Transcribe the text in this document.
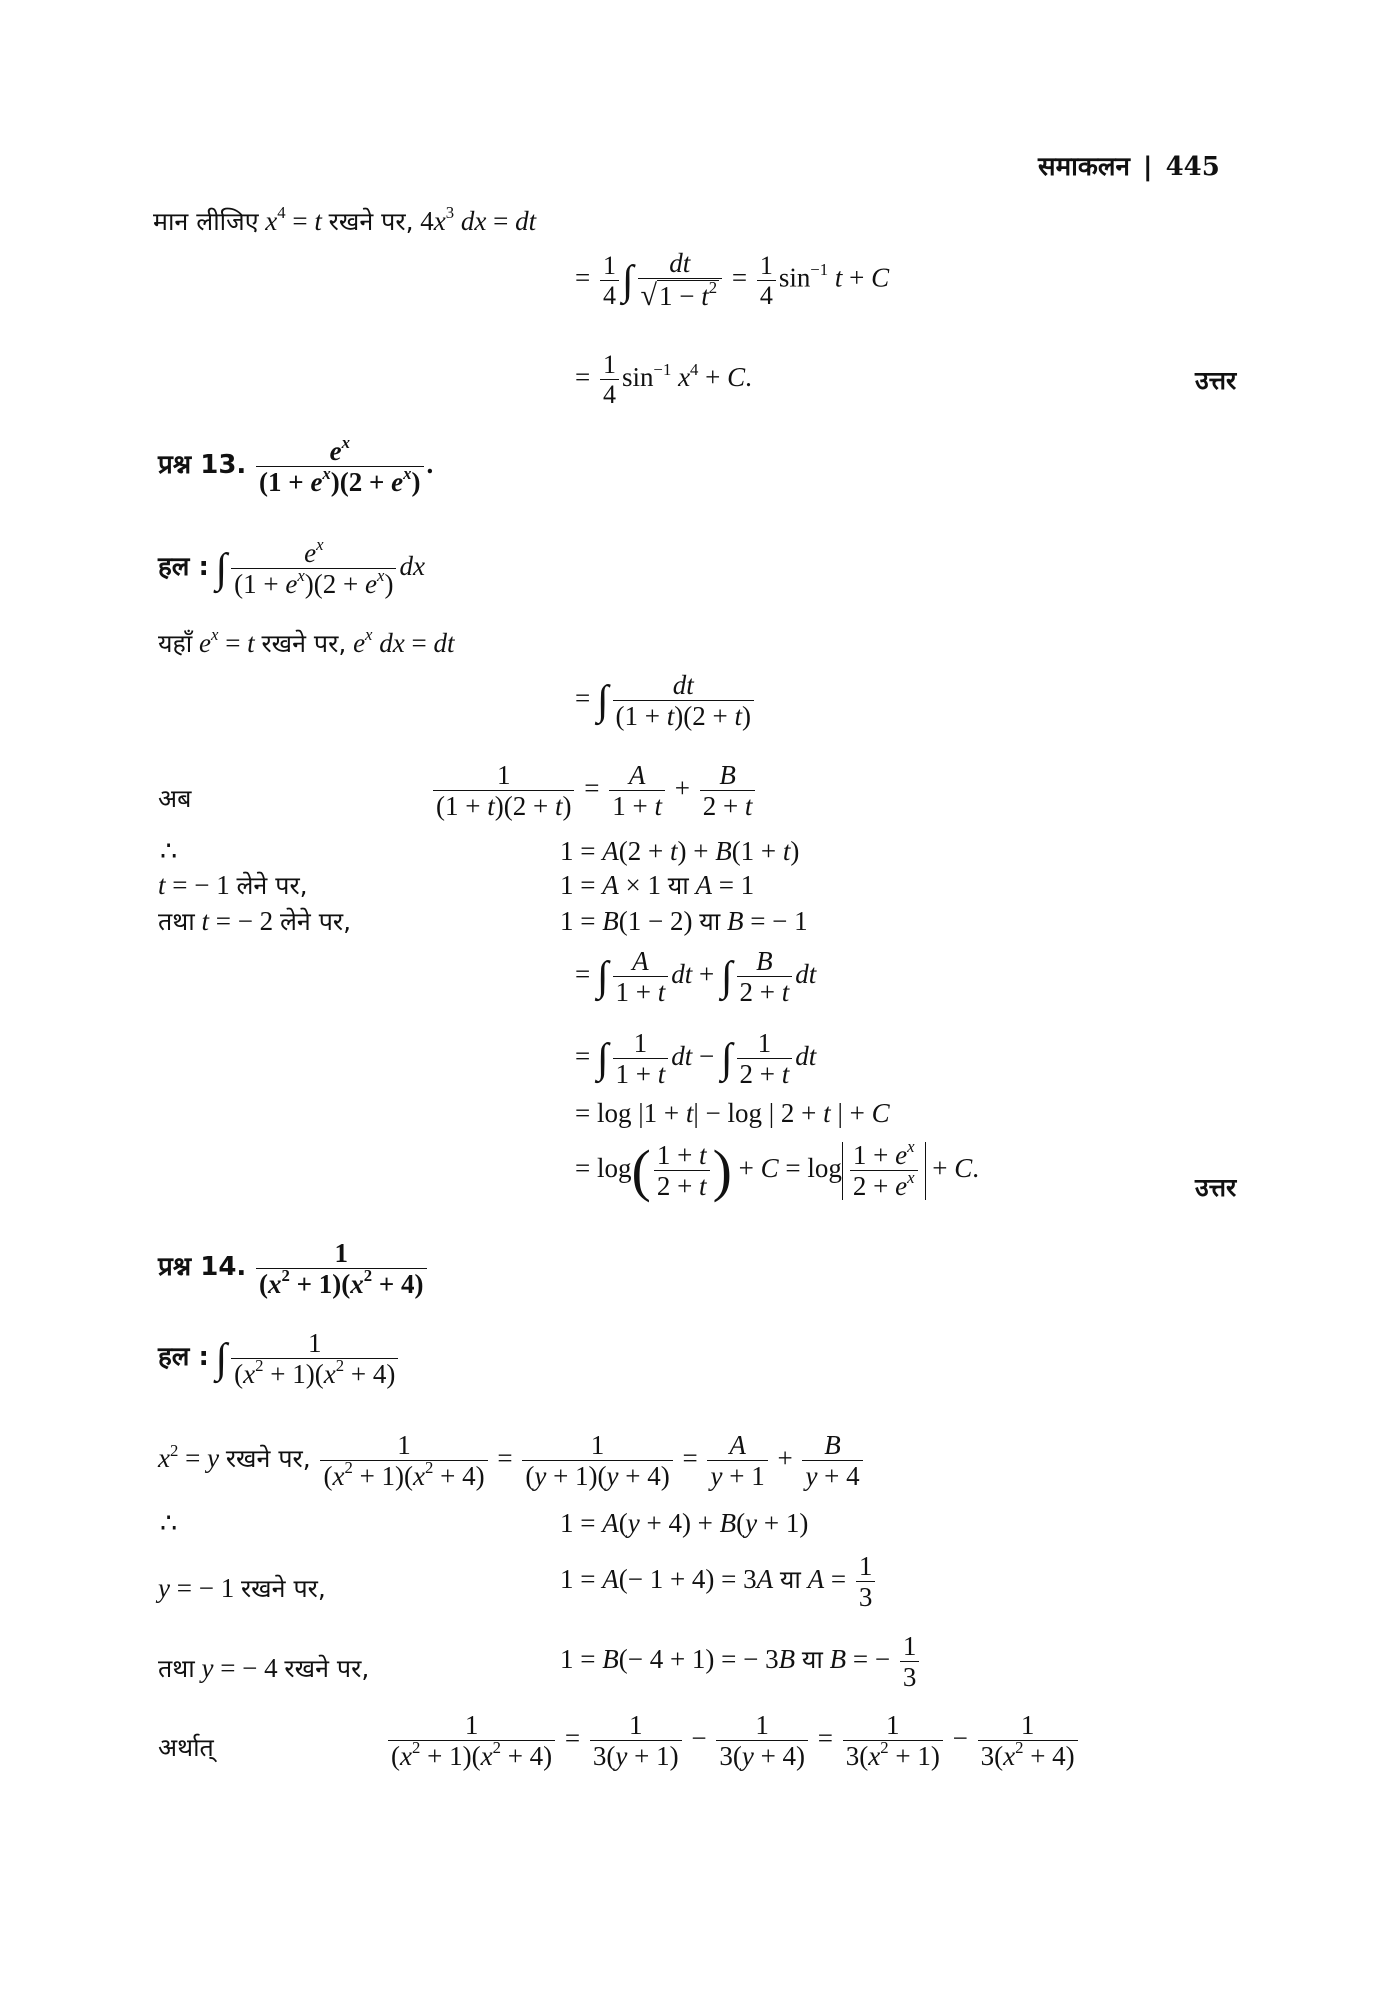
समाकलन | 445
मान लीजिए $x^4 = t$ रखने पर, $4x^3$ dx = dt
= $\frac{1}{4}$ ∫ $\frac{dt}{√1 - t^2} = \frac{1}{4} \sin^{-1} t + C$
= $\frac{1}{4} \sin^{-1} x^4 + C$.	उत्तर
प्रश्न 13. $\frac{e^x}{(1 + e^x)(2 + e^x)}$ .
हल : ∫ $\frac{e^x}{(1 + e^x)(2 + e^x)}$ dx
यहाँ $e^x = t$ रखने पर, $e^x$ dx = dt
= ∫ $\frac{dt}{(1 + t)(2 + t)}$
अब	$\frac{1}{(1 + t)(2 + t)} = \frac{A}{1 + t} + \frac{B}{2 + t}$
∴	1 = A(2 + t) + B(1 + t)
t = − 1 लेने पर,	1 = A × 1 या A = 1
तथा t = − 2 लेने पर,	1 = B(1 − 2) या B = − 1
= ∫ $\frac{A}{1 + t}$ dt + ∫ $\frac{B}{2 + t}$ dt
= ∫ $\frac{1}{1 + t}$ dt − ∫ $\frac{1}{2 + t}$ dt
= log |1 + t| − log | 2 + t | + C
= $\log( \frac{1 + t}{2 + t}$ ) + $C = \log \frac{1 + e^x}{2 + e^x} + C$.
उत्तर
प्रश्न 14. $\frac{1}{(x^2 + 1)(x^2 + 4)}$
हल : ∫ $\frac{1}{(x^2 + 1)(x^2 + 4)}$
$x^2 = y$ रखने पर, $\frac{1}{(x^2 + 1)(x^2 + 4)} = \frac{1}{(y + 1)(y + 4)} = \frac{A}{y + 1} + \frac{B}{y + 4}$
∴	1 = A(y + 4) + B(y + 1)
y = − 1 रखने पर,	1 = A(− 1 + 4) = 3A या $A = \frac{1}{3}$
तथा y = − 4 रखने पर,	1 = B(− 4 + 1) = − 3B या B = − $\frac{1}{3}$
अर्थात्	$\frac{1}{(x^2 + 1)(x^2 + 4)} = \frac{1}{3(y + 1)} - \frac{1}{3(y + 4)} = \frac{1}{3(x^2 + 1)} - \frac{1}{3(x^2 + 4)}$
